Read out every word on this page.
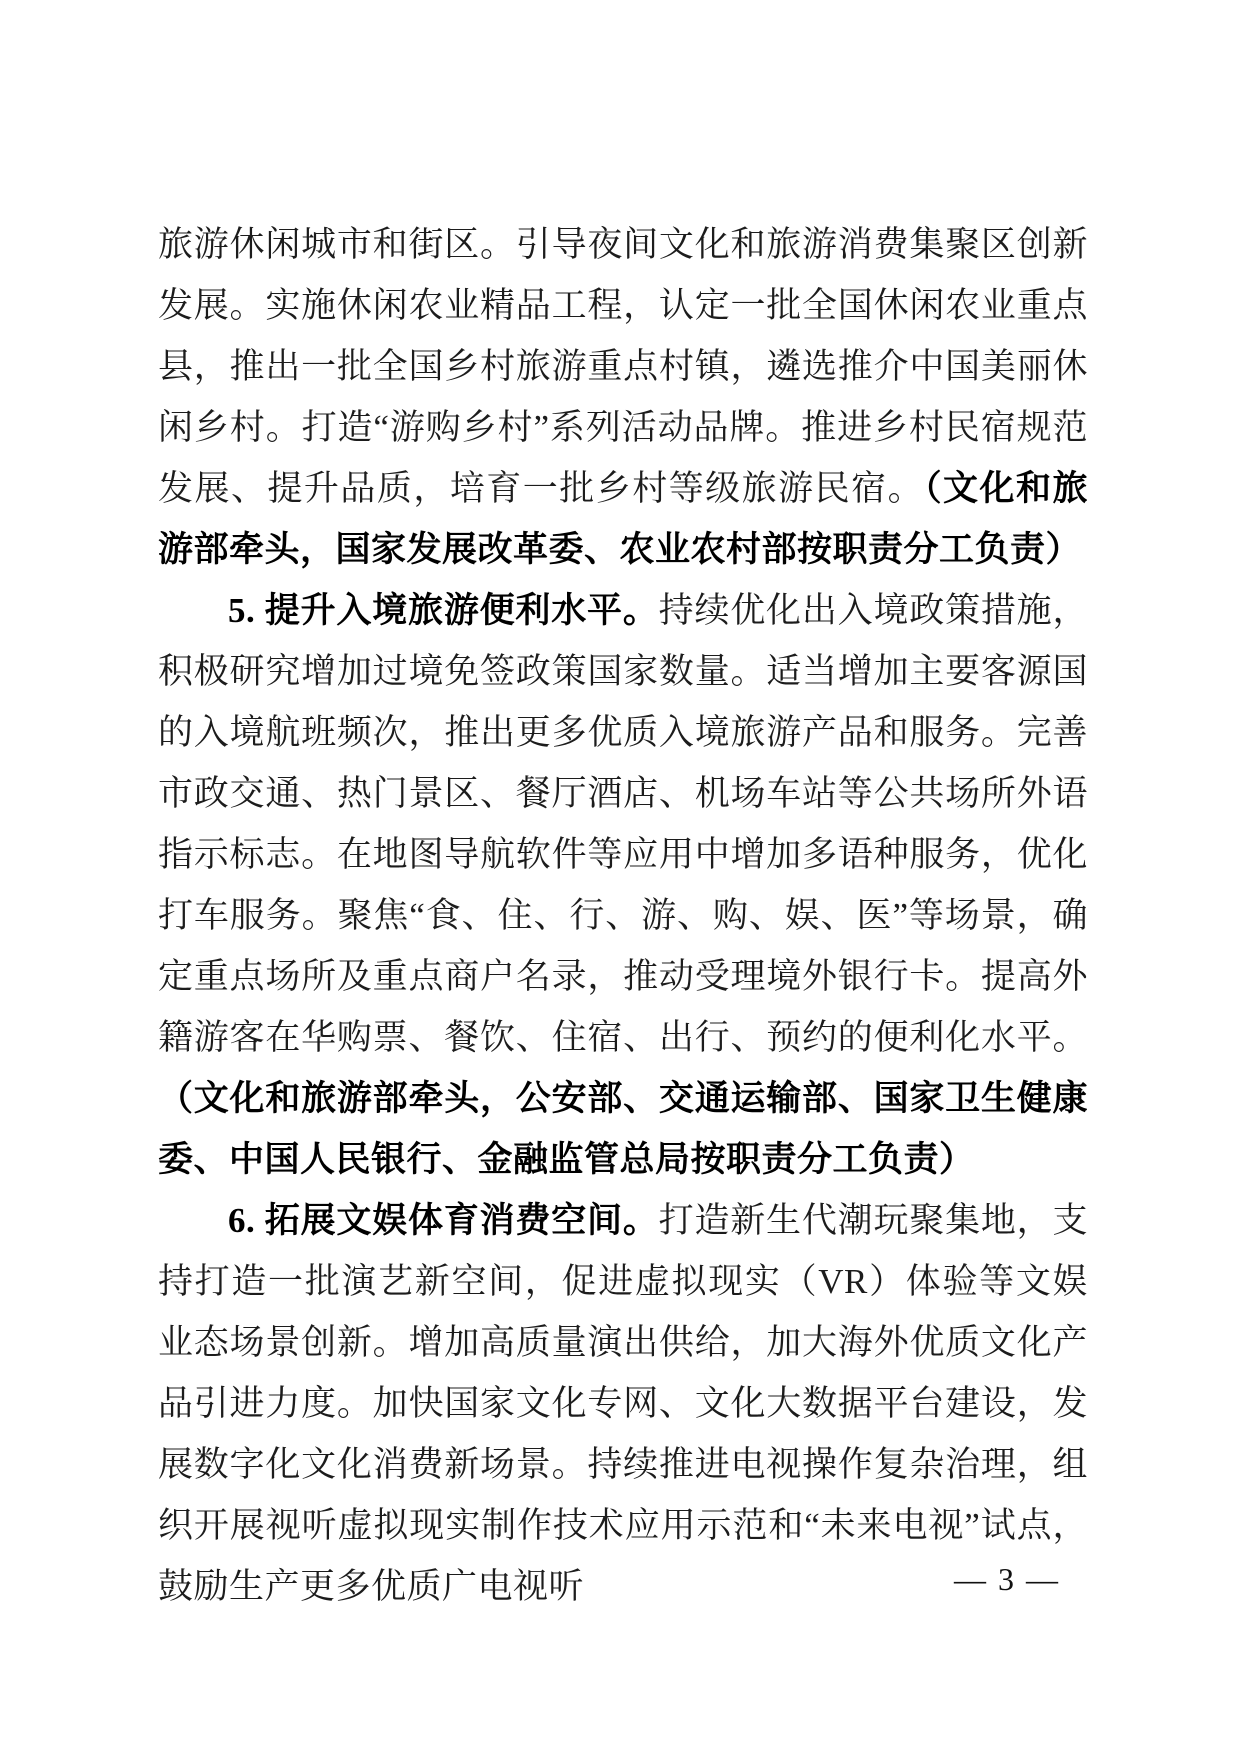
旅游休闲城市和街区。引导夜间文化和旅游消费集聚区创新发展。实施休闲农业精品工程，认定一批全国休闲农业重点县，推出一批全国乡村旅游重点村镇，遴选推介中国美丽休闲乡村。打造“游购乡村”系列活动品牌。推进乡村民宿规范发展、提升品质，培育一批乡村等级旅游民宿。（文化和旅游部牵头，国家发展改革委、农业农村部按职责分工负责）

5. 提升入境旅游便利水平。持续优化出入境政策措施，积极研究增加过境免签政策国家数量。适当增加主要客源国的入境航班频次，推出更多优质入境旅游产品和服务。完善市政交通、热门景区、餐厅酒店、机场车站等公共场所外语指示标志。在地图导航软件等应用中增加多语种服务，优化打车服务。聚焦“食、住、行、游、购、娱、医”等场景，确定重点场所及重点商户名录，推动受理境外银行卡。提高外籍游客在华购票、餐饮、住宿、出行、预约的便利化水平。（文化和旅游部牵头，公安部、交通运输部、国家卫生健康委、中国人民银行、金融监管总局按职责分工负责）

6. 拓展文娱体育消费空间。打造新生代潮玩聚集地，支持打造一批演艺新空间，促进虚拟现实（VR）体验等文娱业态场景创新。增加高质量演出供给，加大海外优质文化产品引进力度。加快国家文化专网、文化大数据平台建设，发展数字化文化消费新场景。持续推进电视操作复杂治理，组织开展视听虚拟现实制作技术应用示范和“未来电视”试点，鼓励生产更多优质广电视听	— 3 —
